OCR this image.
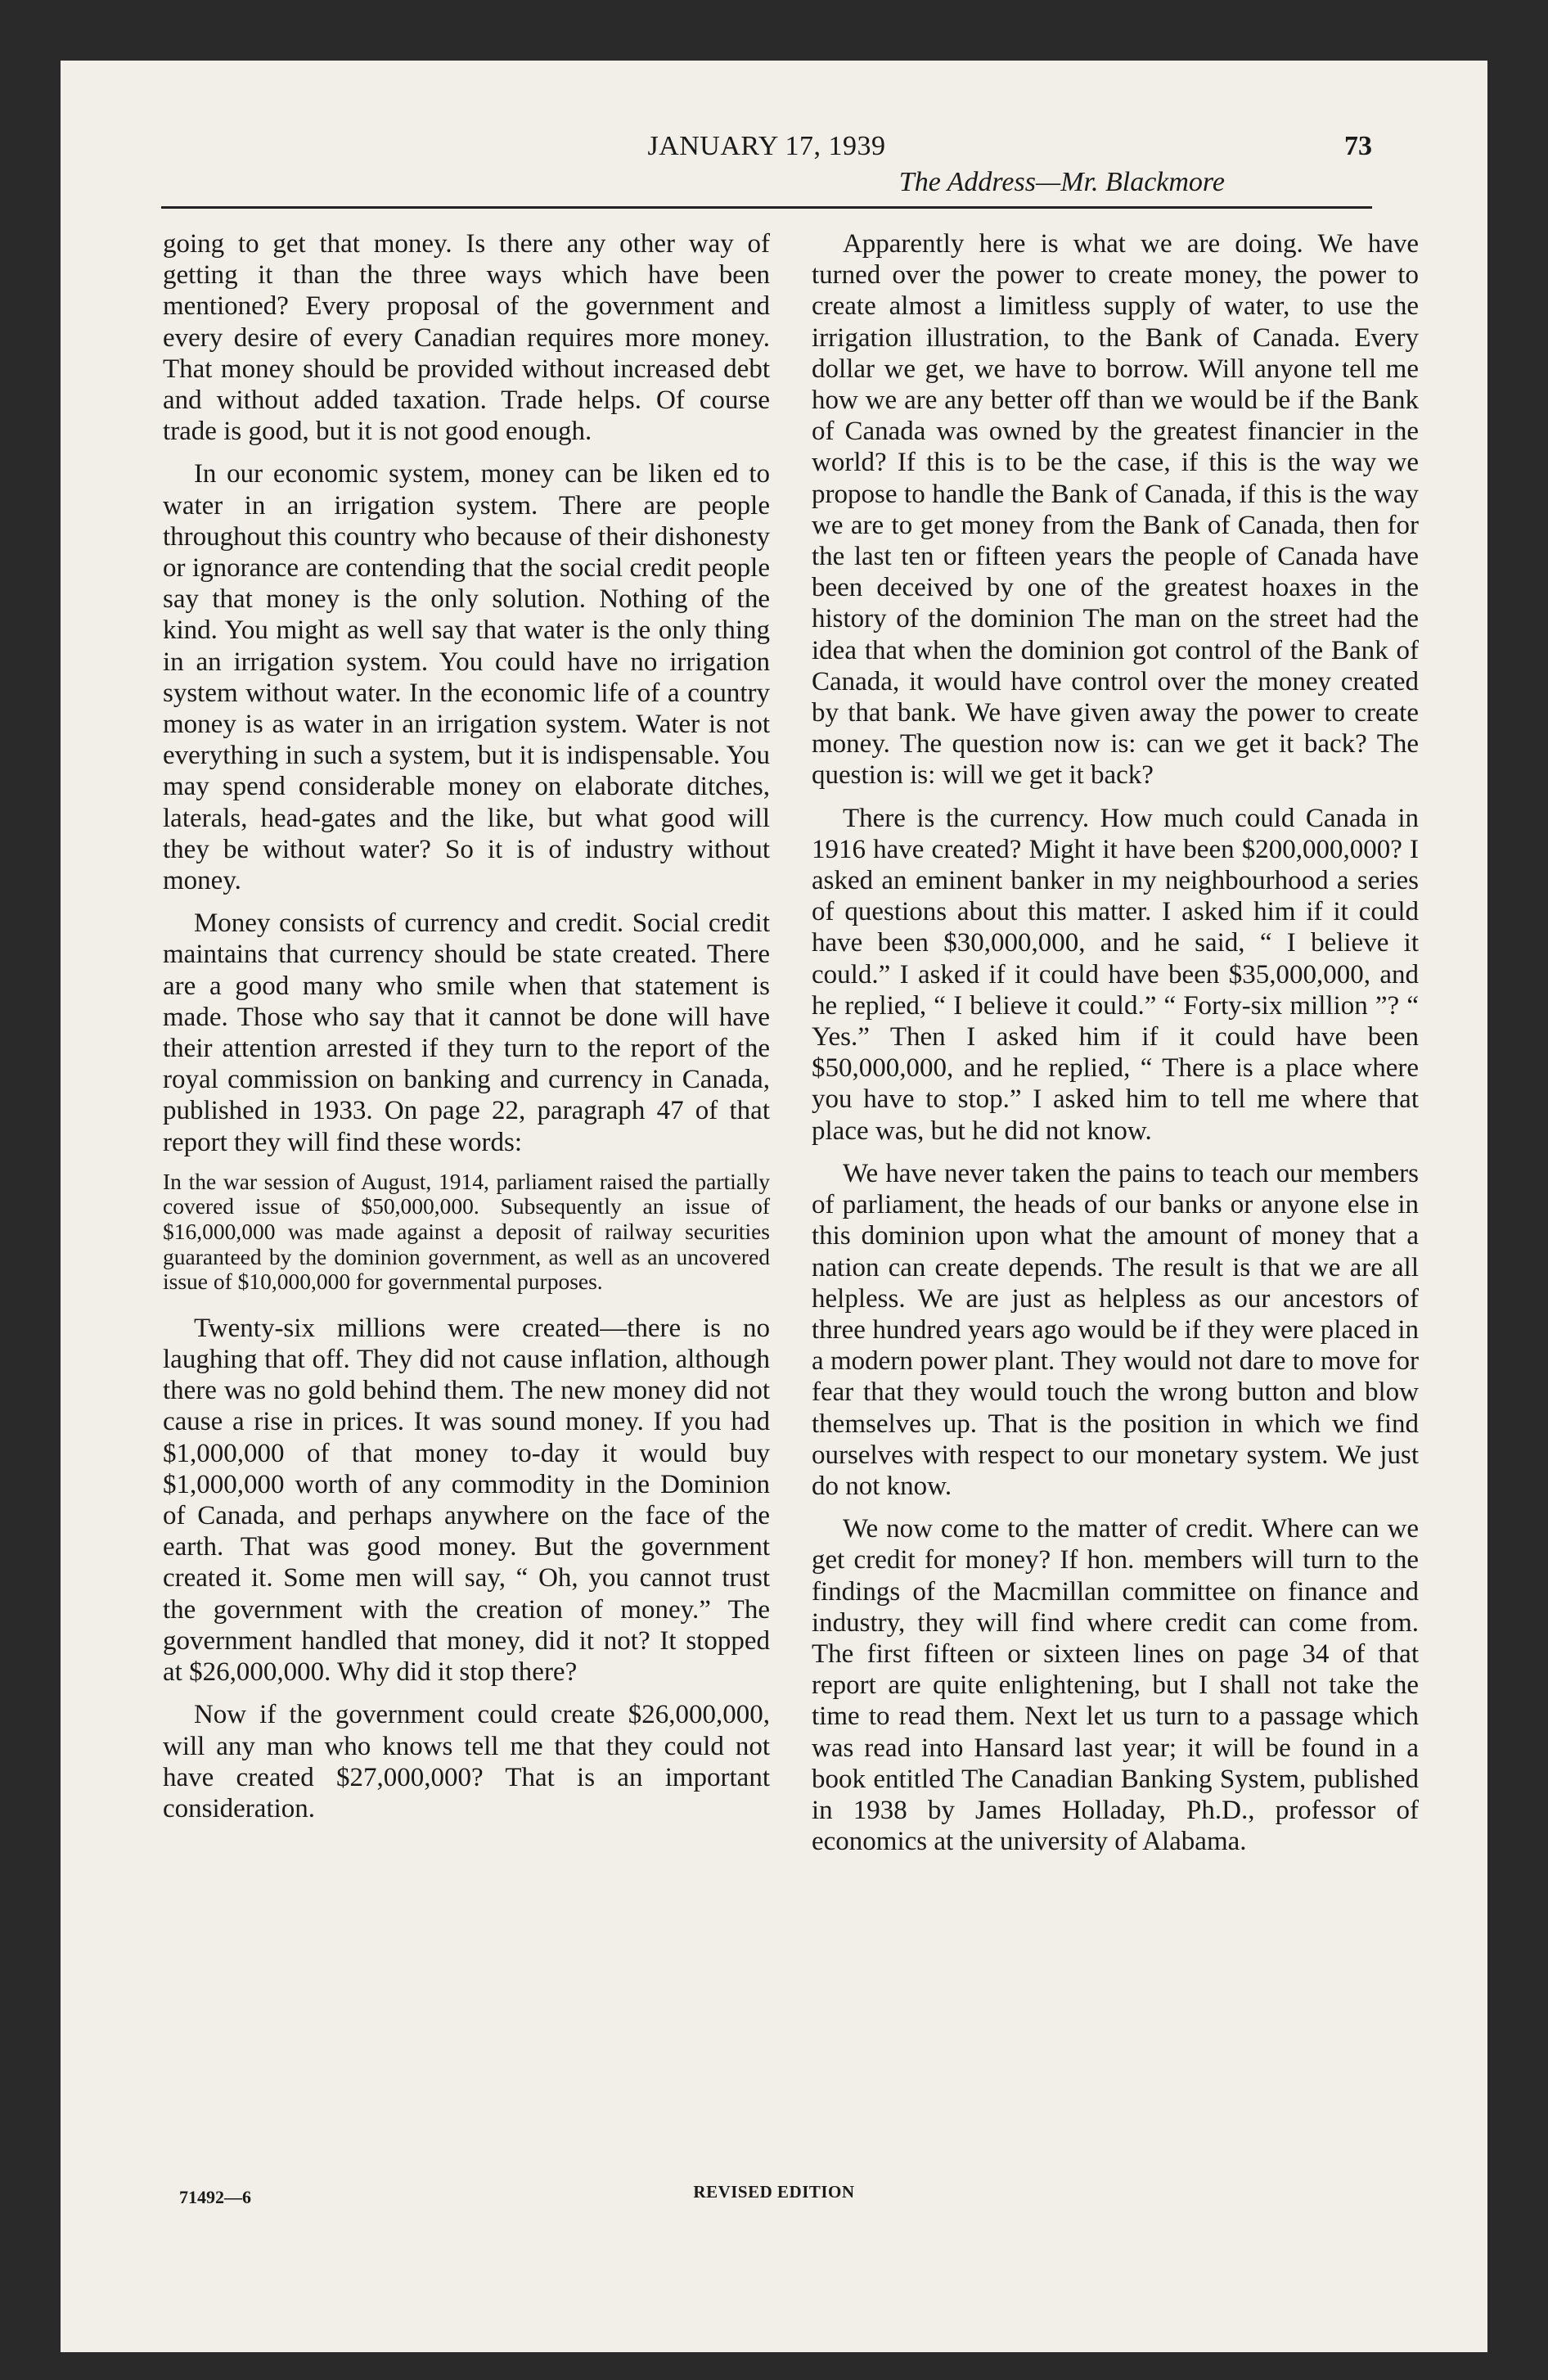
JANUARY 17, 1939	73
The Address—Mr. Blackmore

going to get that money. Is there any other way of getting it than the three ways which have been mentioned? Every proposal of the government and every desire of every Canadian requires more money. That money should be provided without increased debt and without added taxation. Trade helps. Of course trade is good, but it is not good enough.

In our economic system, money can be liken ed to water in an irrigation system. There are people throughout this country who because of their dishonesty or ignorance are contending that the social credit people say that money is the only solution. Nothing of the kind. You might as well say that water is the only thing in an irrigation system. You could have no irrigation system without water. In the economic life of a country money is as water in an irrigation system. Water is not everything in such a system, but it is indispensable. You may spend considerable money on elaborate ditches, laterals, head-gates and the like, but what good will they be without water? So it is of industry without money.

Money consists of currency and credit. Social credit maintains that currency should be state created. There are a good many who smile when that statement is made. Those who say that it cannot be done will have their attention arrested if they turn to the report of the royal commission on banking and currency in Canada, published in 1933. On page 22, paragraph 47 of that report they will find these words:

In the war session of August, 1914, parliament raised the partially covered issue of $50,000,000. Subsequently an issue of $16,000,000 was made against a deposit of railway securities guaranteed by the dominion government, as well as an uncovered issue of $10,000,000 for governmental purposes.

Twenty-six millions were created—there is no laughing that off. They did not cause inflation, although there was no gold behind them. The new money did not cause a rise in prices. It was sound money. If you had $1,000,000 of that money to-day it would buy $1,000,000 worth of any commodity in the Dominion of Canada, and perhaps anywhere on the face of the earth. That was good money. But the government created it. Some men will say, “ Oh, you cannot trust the government with the creation of money.” The government handled that money, did it not? It stopped at $26,000,000. Why did it stop there?

Now if the government could create $26,000,000, will any man who knows tell me that they could not have created $27,000,000? That is an important consideration.

Apparently here is what we are doing. We have turned over the power to create money, the power to create almost a limitless supply of water, to use the irrigation illustration, to the Bank of Canada. Every dollar we get, we have to borrow. Will anyone tell me how we are any better off than we would be if the Bank of Canada was owned by the greatest financier in the world? If this is to be the case, if this is the way we propose to handle the Bank of Canada, if this is the way we are to get money from the Bank of Canada, then for the last ten or fifteen years the people of Canada have been deceived by one of the greatest hoaxes in the history of the dominion The man on the street had the idea that when the dominion got control of the Bank of Canada, it would have control over the money created by that bank. We have given away the power to create money. The question now is: can we get it back? The question is: will we get it back?

There is the currency. How much could Canada in 1916 have created? Might it have been $200,000,000? I asked an eminent banker in my neighbourhood a series of questions about this matter. I asked him if it could have been $30,000,000, and he said, “ I believe it could.” I asked if it could have been $35,000,000, and he replied, “ I believe it could.” “ Forty-six million ”? “ Yes.” Then I asked him if it could have been $50,000,000, and he replied, “ There is a place where you have to stop.” I asked him to tell me where that place was, but he did not know.

We have never taken the pains to teach our members of parliament, the heads of our banks or anyone else in this dominion upon what the amount of money that a nation can create depends. The result is that we are all helpless. We are just as helpless as our ancestors of three hundred years ago would be if they were placed in a modern power plant. They would not dare to move for fear that they would touch the wrong button and blow themselves up. That is the position in which we find ourselves with respect to our monetary system. We just do not know.

We now come to the matter of credit. Where can we get credit for money? If hon. members will turn to the findings of the Macmillan committee on finance and industry, they will find where credit can come from. The first fifteen or sixteen lines on page 34 of that report are quite enlightening, but I shall not take the time to read them. Next let us turn to a passage which was read into Hansard last year; it will be found in a book entitled The Canadian Banking System, published in 1938 by James Holladay, Ph.D., professor of economics at the university of Alabama.

71492—6	REVISED EDITION
